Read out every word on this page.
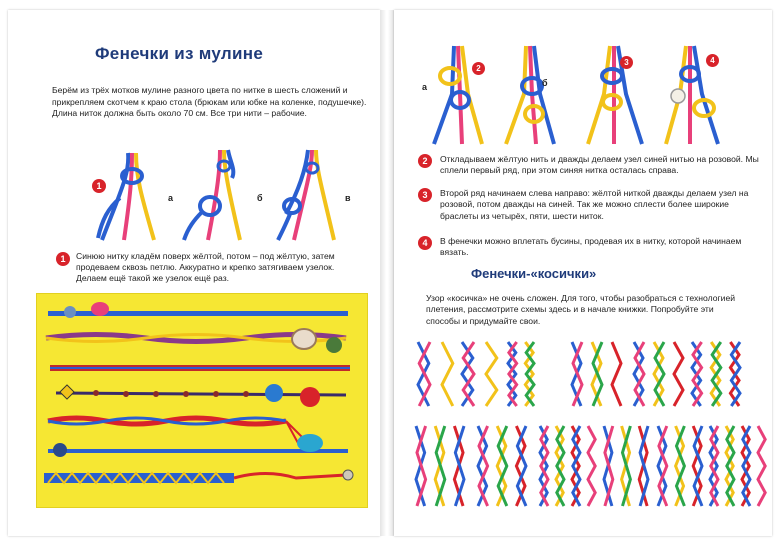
Фенечки из мулине
Берём из трёх мотков мулине разного цвета по нитке в шесть сложений и прикрепляем скотчем к краю стола (брюкам или юбке на коленке, подушечке). Длина ниток должна быть около 70 см. Все три нити – рабочие.
1
а	б	в
1	Синюю нитку кладём поверх жёлтой, потом – под жёлтую, затем продеваем сквозь петлю. Аккуратно и крепко затягиваем узелок. Делаем ещё такой же узелок ещё раз.
а
2
б
3	4
2	Откладываем жёлтую нить и дважды делаем узел синей нитью на розовой. Мы сплели первый ряд, при этом синяя нитка осталась справа.
3	Второй ряд начинаем слева направо: жёлтой ниткой дважды делаем узел на розовой, потом дважды на синей. Так же можно сплести более широкие браслеты из четырёх, пяти, шести ниток.
4	В фенечки можно вплетать бусины, продевая их в нитку, которой начинаем вязать.
Фенечки-«косички»
Узор «косичка» не очень сложен. Для того, чтобы разобраться с технологией плетения, рассмотрите схемы здесь и в начале книжки. Попробуйте эти способы и придумайте свои.
